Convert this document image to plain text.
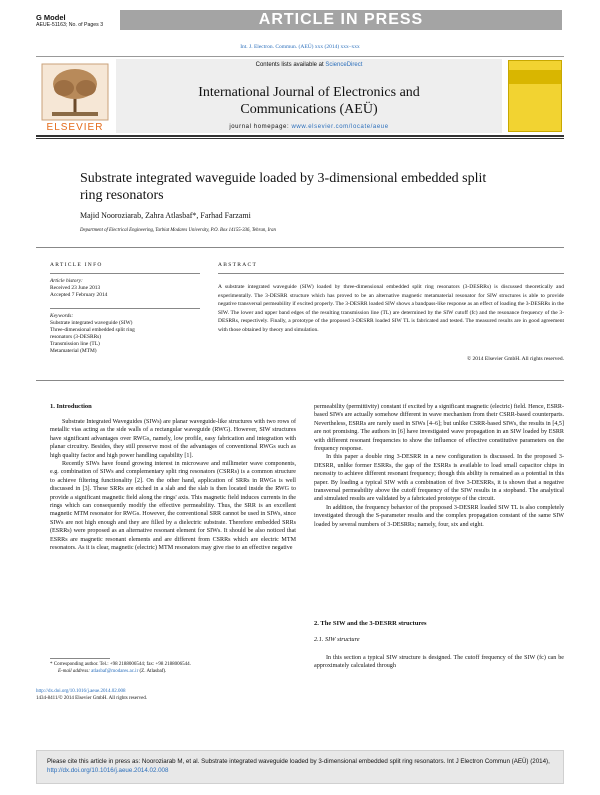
G Model
AEUE-51163; No. of Pages 3	ARTICLE IN PRESS
Int. J. Electron. Commun. (AEÜ) xxx (2014) xxx–xxx
ELSEVIER
Contents lists available at ScienceDirect
International Journal of Electronics and
Communications (AEÜ)
journal homepage: www.elsevier.com/locate/aeue
Substrate integrated waveguide loaded by 3-dimensional embedded split ring resonators
Majid Nooroziarab, Zahra Atlasbaf*, Farhad Farzami
Department of Electrical Engineering, Tarbiat Modares University, P.O. Box 14155-336, Tehran, Iran
ARTICLE INFO
Article history:
Received 23 June 2013
Accepted 7 February 2014
Keywords:
Substrate integrated waveguide (SIW)
Three-dimensional embedded split ring
resonators (3-DESRRs)
Transmission line (TL)
Metamaterial (MTM)
ABSTRACT
A substrate integrated waveguide (SIW) loaded by three-dimensional embedded split ring resonators (3-DESRRs) is discussed theoretically and experimentally. The 3-DESRR structure which has proved to be an alternative magnetic metamaterial resonator for SIW structures is able to provide negative transversal permeability if excited properly. The 3-DESRR loaded SIW shows a bandpass-like response as an effect of loading the 3-DESRRs in the SIW. The lower and upper band edges of the resulting transmission line (TL) are determined by the SIW cutoff (fc) and the resonance frequency of the 3-DESRRs, respectively. Finally, a prototype of the proposed 3-DESRR loaded SIW TL is fabricated and tested. The measured results are in good agreement with those obtained by theory and simulation.
© 2014 Elsevier GmbH. All rights reserved.
1. Introduction

Substrate Integrated Waveguides (SIWs) are planar waveguide-like structures with two rows of metallic vias acting as the side walls of a rectangular waveguide (RWG). However, SIW structures have significant advantages over RWGs, namely, low profile, easy fabrication and integration with planar circuitry. Besides, they still preserve most of the advantages of conventional RWGs such as high quality factor and high power handling capability [1].

Recently SIWs have found growing interest in microwave and millimeter wave components, e.g. combination of SIWs and complementary split ring resonators (CSRRs) is a common structure to achieve filtering functionality [2]. On the other hand, application of SRRs in RWGs is well discussed in [3]. These SRRs are etched in a slab and the slab is then located inside the RWG to provide a significant magnetic field along the rings' axis. This magnetic field induces currents in the rings which can consequently modify the effective permeability. Thus, the SRR is an excellent magnetic MTM resonator for RWGs. However, the conventional SRR cannot be used in SIWs, since SIWs are not high enough and they are filled by a dielectric substrate. Therefore embedded SRRs (ESRRs) were proposed as an alternative resonant element for SIWs. It should be also noticed that ESRRs are magnetic resonant elements and are different from CSRRs which are electric MTM resonators. As it is clear, magnetic (electric) MTM resonators may give rise to an effective negative

* Corresponding author. Tel.: +98 2188006544; fax: +98 2188006544.
E-mail address: atlasbaf@modares.ac.ir (Z. Atlasbaf).
http://dx.doi.org/10.1016/j.aeue.2014.02.008
1434-8411/© 2014 Elsevier GmbH. All rights reserved.

permeability (permittivity) constant if excited by a significant magnetic (electric) field. Hence, ESRR-based SIWs are actually somehow different in wave mechanism from their CSRR-based counterparts. Nevertheless, ESRRs are rarely used in SIWs [4–6]; but unlike CSRR-based SIWs, the results in [4,5] are not promising. The authors in [6] have investigated wave propagation in an SIW loaded by ESRR with different resonant frequencies to show the influence of effective constitutive parameters on the frequency response.

In this paper a double ring 3-DESRR in a new configuration is discussed. In the proposed 3-DESRR, unlike former ESRRs, the gap of the ESRRs is available to load small capacitor chips in necessity to achieve different resonant frequency; though this ability is remained as a potential in this paper. By loading a typical SIW with a combination of five 3-DESRRs, it is shown that a negative transversal permeability above the cutoff frequency of the SIW results in a stopband. The analytical and simulated results are validated by a fabricated prototype of the circuit.

In addition, the frequency behavior of the proposed 3-DESRR loaded SIW TL is also completely investigated through the S-parameter results and the complex propagation constant of the same SIW loaded by several numbers of 3-DESRRs; namely, four, six and eight.

2. The SIW and the 3-DESRR structures
2.1. SIW structure

In this section a typical SIW structure is designed. The cutoff frequency of the SIW (fc) can be approximately calculated through

Please cite this article in press as: Nooroziarab M, et al. Substrate integrated waveguide loaded by 3-dimensional embedded split ring resonators. Int J Electron Commun (AEÜ) (2014), http://dx.doi.org/10.1016/j.aeue.2014.02.008
